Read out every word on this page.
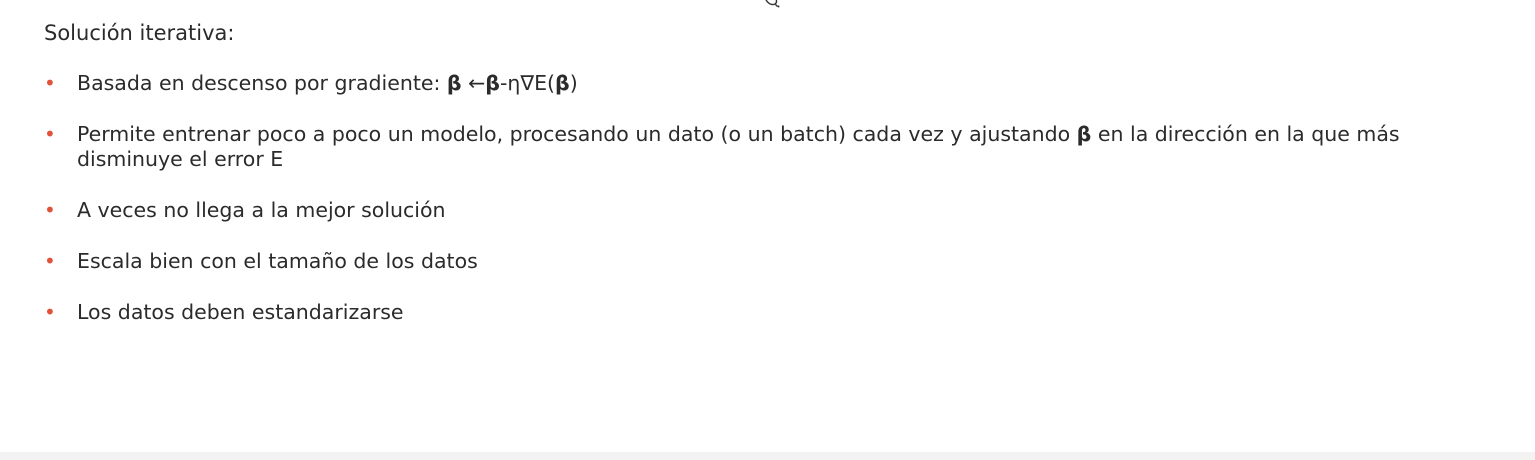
Solución iterativa:
• Basada en descenso por gradiente: β ←β-η∇E(β)
• Permite entrenar poco a poco un modelo, procesando un dato (o un batch) cada vez y ajustando β en la dirección en la que más disminuye el error E
• A veces no llega a la mejor solución
• Escala bien con el tamaño de los datos
• Los datos deben estandarizarse
